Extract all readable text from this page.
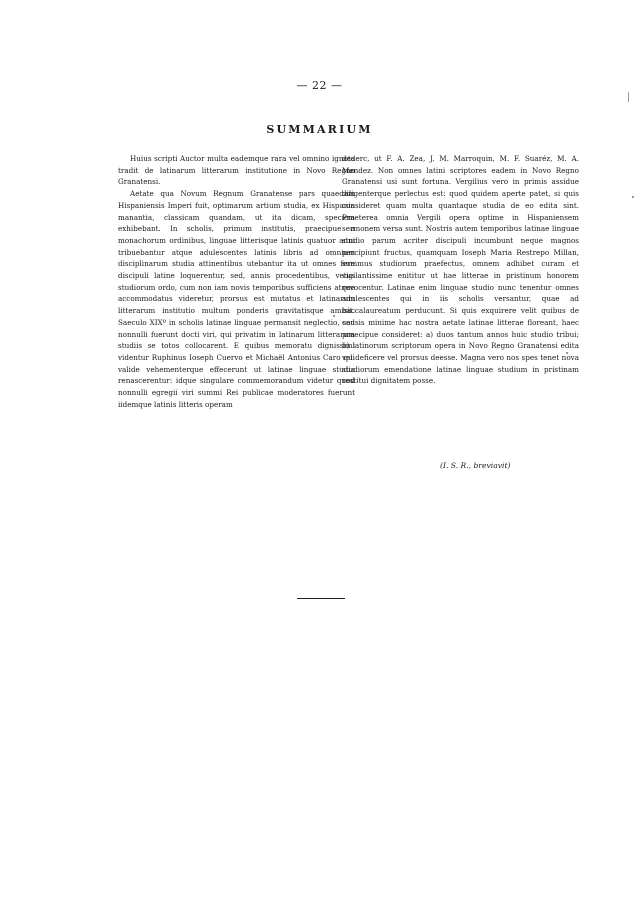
— 22 —
SUMMARIUM

Huius scripti Auctor multa eademque rara vel omnino ignota tradit de latinarum litterarum institutione in Novo Regno Granatensi.

Aetate qua Novum Regnum Granatense pars quaedam Hispaniensis Imperi fuit, optimarum artium studia, ex Hispania manantia, classicam quandam, ut ita dicam, speciem exhibebant. In scholis, primum institutis, praecipue a monachorum ordinibus, linguae litterisque latinis quatuor anni tribuebantur atque adulescentes latinis libris ad omnium disciplinarum studia attinentibus utebantur ita ut omnes fere discipuli latine loquerentur, sed, annis procedentibus, vetus studiorum ordo, cum non iam novis temporibus sufficiens atque accommodatus videretur, prorsus est mutatus et latinarum litterarum institutio multum ponderis gravitatisque amisit. Saeculo XIXº in scholis latinae linguae permansit neglectio, sed nonnulli fuerunt docti viri, qui privatim in latinarum litterarum studiis se totos collocarent. E quibus memoratu dignissimi videntur Ruphinus Ioseph Cuervo et Michaël Antonius Caro qui valide vehementerque effecerunt ut latinae linguae studia renascerentur: idque singulare commemorandum videtur quod nonnulli egregii viri summi Rei publicae moderatores fuerunt iidemque latinis litteris operam

dederc, ut F. A. Zea, J. M. Marroquin, M. F. Suaréz, M. A. Mendez. Non omnes latini scriptores eadem in Novo Regno Granatensi usi sunt fortuna. Vergilius vero in primis assidue diligenterque perlectus est: quod quidem aperte patet, si quis consideret quam multa quantaque studia de eo edita sint. Praeterea omnia Vergili opera optime in Hispaniensem sermonem versa sunt. Nostris autem temporibus latinae linguae studio parum acriter discipuli incumbunt neque magnos percipiunt fructus, quamquam Ioseph Maria Restrepo Millan, summus studiorum praefectus, omnem adhibet curam et vigilantissime enititur ut hae litterae in pristinum honorem revocentur. Latinae enim linguae studio nunc tenentur omnes adulescentes qui in iis scholis versantur, quae ad baccalaureatum perducunt. Si quis exquirere velit quibus de causis minime hac nostra aetate latinae litterae floreant, haec praecipue consideret: a) duos tantum annos huic studio tribui; b) latinorum scriptorum opera in Novo Regno Granatensi edita vel deficere vel prorsus deesse. Magna vero nos spes tenet nova studiorum emendatione latinae linguae studium in pristinam restitui dignitatem posse.

(I. S. R., breviavit)
